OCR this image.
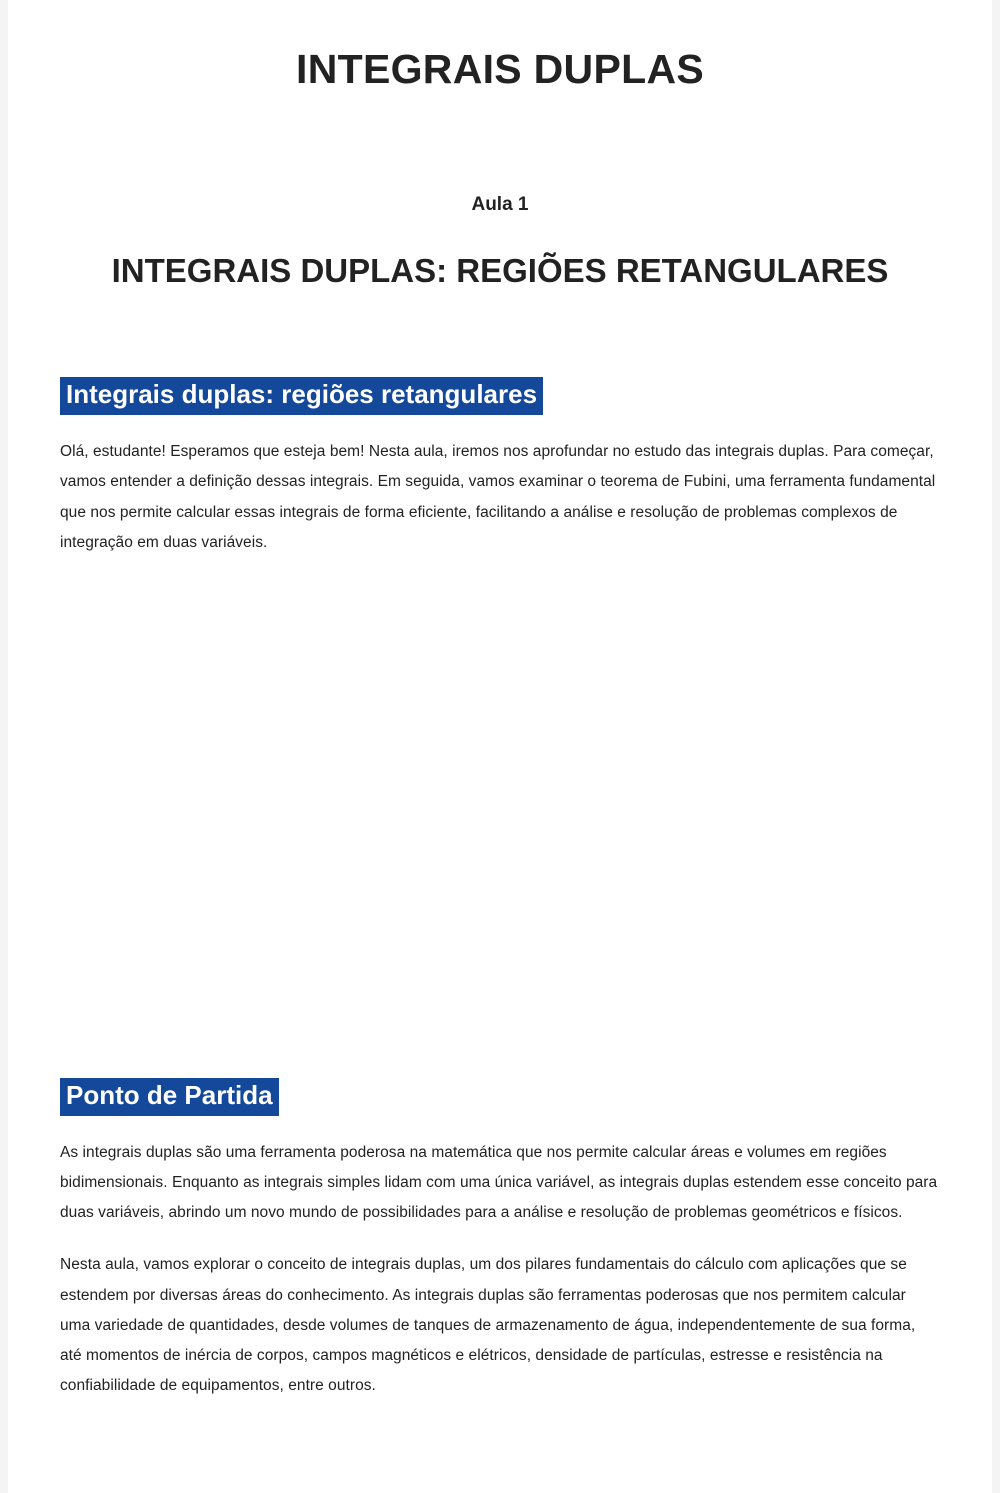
INTEGRAIS DUPLAS
Aula 1
INTEGRAIS DUPLAS: REGIÕES RETANGULARES
Integrais duplas: regiões retangulares

Olá, estudante! Esperamos que esteja bem! Nesta aula, iremos nos aprofundar no estudo das integrais duplas. Para começar, vamos entender a definição dessas integrais. Em seguida, vamos examinar o teorema de Fubini, uma ferramenta fundamental que nos permite calcular essas integrais de forma eficiente, facilitando a análise e resolução de problemas complexos de integração em duas variáveis.

Ponto de Partida

As integrais duplas são uma ferramenta poderosa na matemática que nos permite calcular áreas e volumes em regiões bidimensionais. Enquanto as integrais simples lidam com uma única variável, as integrais duplas estendem esse conceito para duas variáveis, abrindo um novo mundo de possibilidades para a análise e resolução de problemas geométricos e físicos.

Nesta aula, vamos explorar o conceito de integrais duplas, um dos pilares fundamentais do cálculo com aplicações que se estendem por diversas áreas do conhecimento. As integrais duplas são ferramentas poderosas que nos permitem calcular uma variedade de quantidades, desde volumes de tanques de armazenamento de água, independentemente de sua forma, até momentos de inércia de corpos, campos magnéticos e elétricos, densidade de partículas, estresse e resistência na confiabilidade de equipamentos, entre outros.
